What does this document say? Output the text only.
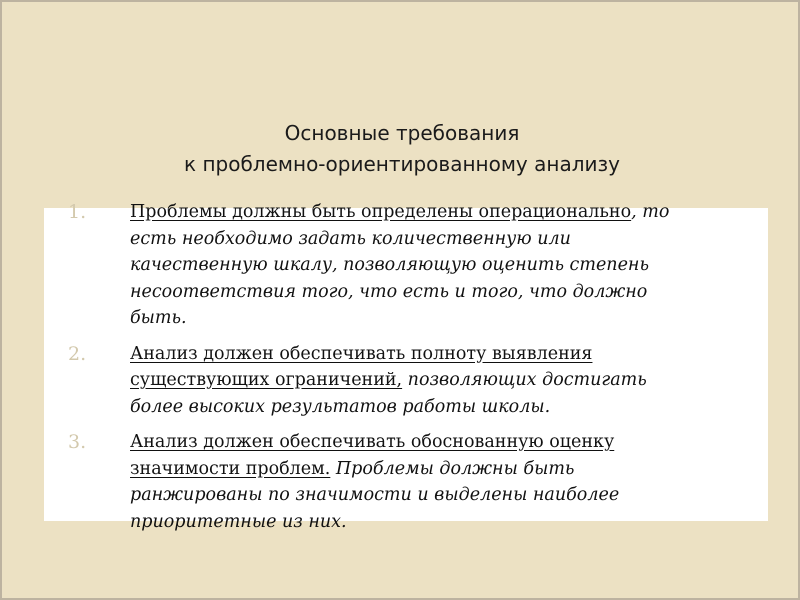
Основные требования
к проблемно-ориентированному анализу
1.	Проблемы должны быть определены операционально, то есть необходимо задать количественную или качественную шкалу, позволяющую оценить степень несоответствия того, что есть и того, что должно быть.
2.	Анализ должен обеспечивать полноту выявления существующих ограничений, позволяющих достигать более высоких результатов работы школы.
3.	Анализ должен обеспечивать обоснованную оценку значимости проблем. Проблемы должны быть ранжированы по значимости и выделены наиболее приоритетные из них.
